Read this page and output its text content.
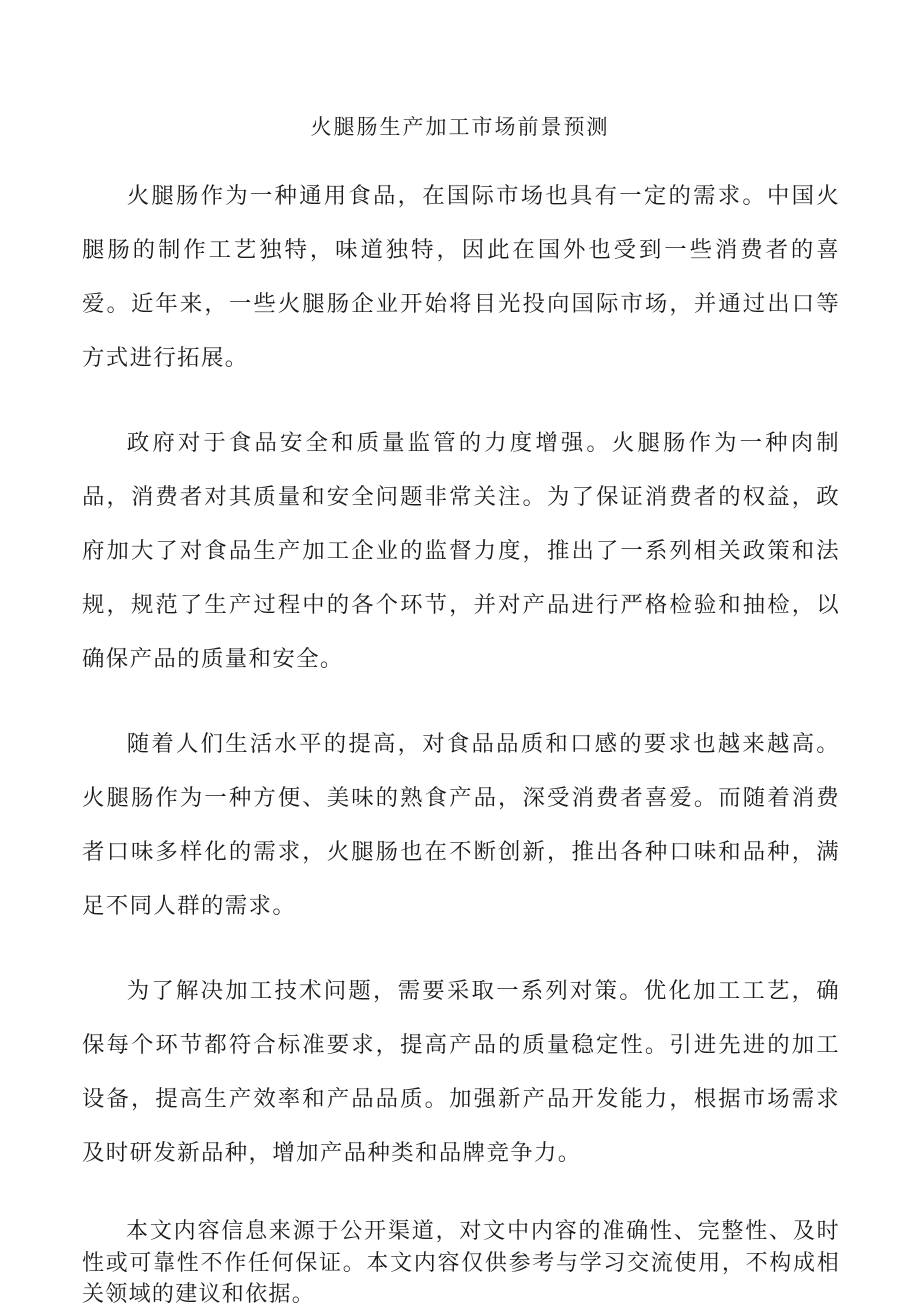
火腿肠生产加工市场前景预测

火腿肠作为一种通用食品，在国际市场也具有一定的需求。中国火腿肠的制作工艺独特，味道独特，因此在国外也受到一些消费者的喜爱。近年来，一些火腿肠企业开始将目光投向国际市场，并通过出口等方式进行拓展。

政府对于食品安全和质量监管的力度增强。火腿肠作为一种肉制品，消费者对其质量和安全问题非常关注。为了保证消费者的权益，政府加大了对食品生产加工企业的监督力度，推出了一系列相关政策和法规，规范了生产过程中的各个环节，并对产品进行严格检验和抽检，以确保产品的质量和安全。

随着人们生活水平的提高，对食品品质和口感的要求也越来越高。火腿肠作为一种方便、美味的熟食产品，深受消费者喜爱。而随着消费者口味多样化的需求，火腿肠也在不断创新，推出各种口味和品种，满足不同人群的需求。

为了解决加工技术问题，需要采取一系列对策。优化加工工艺，确保每个环节都符合标准要求，提高产品的质量稳定性。引进先进的加工设备，提高生产效率和产品品质。加强新产品开发能力，根据市场需求及时研发新品种，增加产品种类和品牌竞争力。

本文内容信息来源于公开渠道，对文中内容的准确性、完整性、及时性或可靠性不作任何保证。本文内容仅供参考与学习交流使用，不构成相关领域的建议和依据。
